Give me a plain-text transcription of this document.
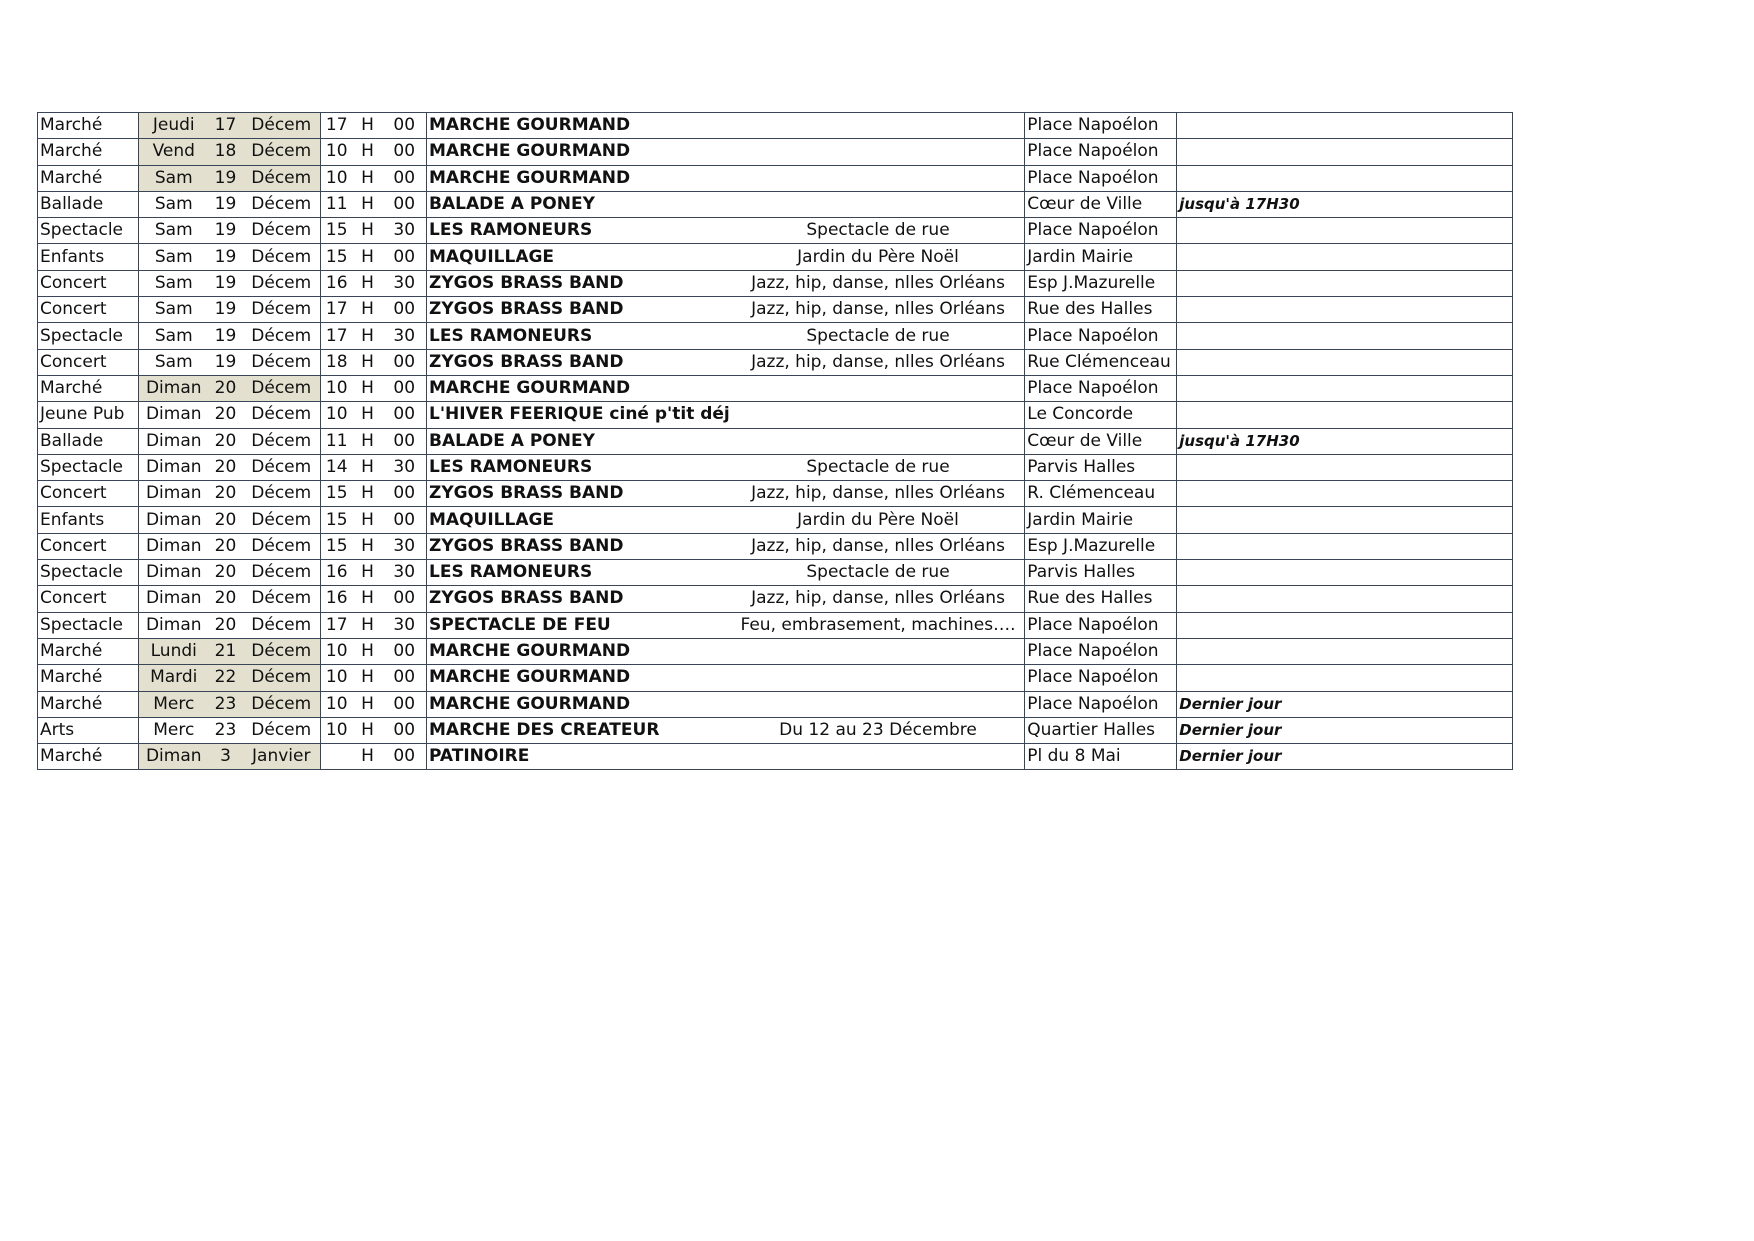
Marché	Jeudi	17	Décem	17	H	00	MARCHE GOURMAND		Place Napoélon	
Marché	Vend	18	Décem	10	H	00	MARCHE GOURMAND		Place Napoélon	
Marché	Sam	19	Décem	10	H	00	MARCHE GOURMAND		Place Napoélon	
Ballade	Sam	19	Décem	11	H	00	BALADE A PONEY		Cœur de Ville	jusqu'à 17H30
Spectacle	Sam	19	Décem	15	H	30	LES RAMONEURS	Spectacle de rue	Place Napoélon	
Enfants	Sam	19	Décem	15	H	00	MAQUILLAGE	Jardin du Père Noël	Jardin Mairie	
Concert	Sam	19	Décem	16	H	30	ZYGOS BRASS BAND	Jazz, hip, danse, nlles Orléans	Esp J.Mazurelle	
Concert	Sam	19	Décem	17	H	00	ZYGOS BRASS BAND	Jazz, hip, danse, nlles Orléans	Rue des Halles	
Spectacle	Sam	19	Décem	17	H	30	LES RAMONEURS	Spectacle de rue	Place Napoélon	
Concert	Sam	19	Décem	18	H	00	ZYGOS BRASS BAND	Jazz, hip, danse, nlles Orléans	Rue Clémenceau	
Marché	Diman	20	Décem	10	H	00	MARCHE GOURMAND		Place Napoélon	
Jeune Pub	Diman	20	Décem	10	H	00	L'HIVER FEERIQUE ciné p'tit déj		Le Concorde	
Ballade	Diman	20	Décem	11	H	00	BALADE A PONEY		Cœur de Ville	jusqu'à 17H30
Spectacle	Diman	20	Décem	14	H	30	LES RAMONEURS	Spectacle de rue	Parvis Halles	
Concert	Diman	20	Décem	15	H	00	ZYGOS BRASS BAND	Jazz, hip, danse, nlles Orléans	R. Clémenceau	
Enfants	Diman	20	Décem	15	H	00	MAQUILLAGE	Jardin du Père Noël	Jardin Mairie	
Concert	Diman	20	Décem	15	H	30	ZYGOS BRASS BAND	Jazz, hip, danse, nlles Orléans	Esp J.Mazurelle	
Spectacle	Diman	20	Décem	16	H	30	LES RAMONEURS	Spectacle de rue	Parvis Halles	
Concert	Diman	20	Décem	16	H	00	ZYGOS BRASS BAND	Jazz, hip, danse, nlles Orléans	Rue des Halles	
Spectacle	Diman	20	Décem	17	H	30	SPECTACLE DE FEU	Feu, embrasement, machines….	Place Napoélon	
Marché	Lundi	21	Décem	10	H	00	MARCHE GOURMAND		Place Napoélon	
Marché	Mardi	22	Décem	10	H	00	MARCHE GOURMAND		Place Napoélon	
Marché	Merc	23	Décem	10	H	00	MARCHE GOURMAND		Place Napoélon	Dernier jour
Arts	Merc	23	Décem	10	H	00	MARCHE DES CREATEUR	Du 12 au 23 Décembre	Quartier Halles	Dernier jour
Marché	Diman	3	Janvier		H	00	PATINOIRE		Pl du 8 Mai	Dernier jour
